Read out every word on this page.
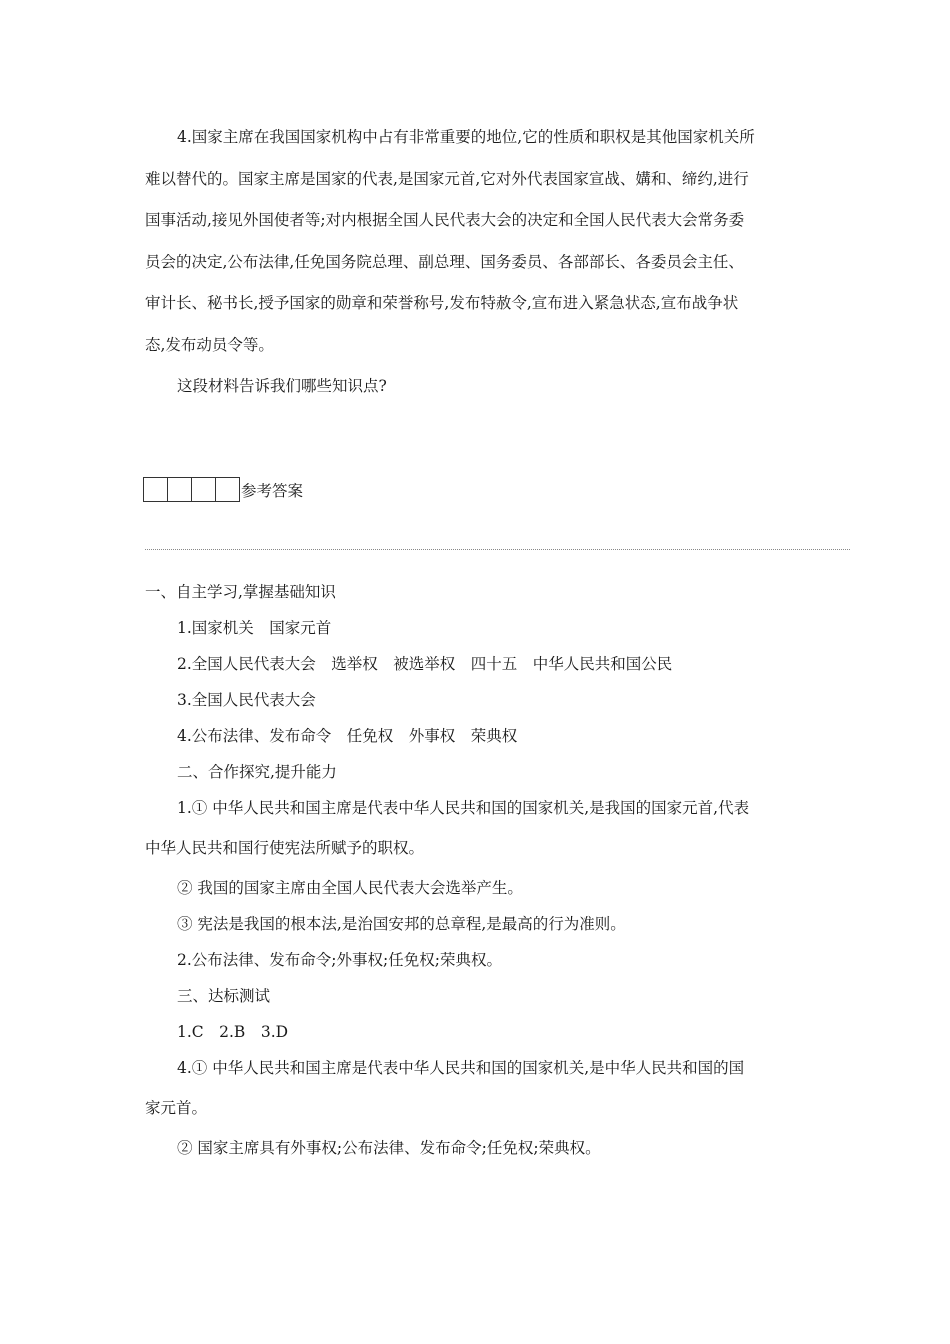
4.国家主席在我国国家机构中占有非常重要的地位,它的性质和职权是其他国家机关所
难以替代的。国家主席是国家的代表,是国家元首,它对外代表国家宣战、媾和、缔约,进行
国事活动,接见外国使者等;对内根据全国人民代表大会的决定和全国人民代表大会常务委
员会的决定,公布法律,任免国务院总理、副总理、国务委员、各部部长、各委员会主任、
审计长、秘书长,授予国家的勋章和荣誉称号,发布特赦令,宣布进入紧急状态,宣布战争状
态,发布动员令等。
这段材料告诉我们哪些知识点?
参考答案
一、自主学习,掌握基础知识
1.国家机关　国家元首
2.全国人民代表大会　选举权　被选举权　四十五　中华人民共和国公民
3.全国人民代表大会
4.公布法律、发布命令　任免权　外事权　荣典权
二、合作探究,提升能力
1.① 中华人民共和国主席是代表中华人民共和国的国家机关,是我国的国家元首,代表
中华人民共和国行使宪法所赋予的职权。
② 我国的国家主席由全国人民代表大会选举产生。
③ 宪法是我国的根本法,是治国安邦的总章程,是最高的行为准则。
2.公布法律、发布命令;外事权;任免权;荣典权。
三、达标测试
1.C　2.B　3.D
4.① 中华人民共和国主席是代表中华人民共和国的国家机关,是中华人民共和国的国
家元首。
② 国家主席具有外事权;公布法律、发布命令;任免权;荣典权。
